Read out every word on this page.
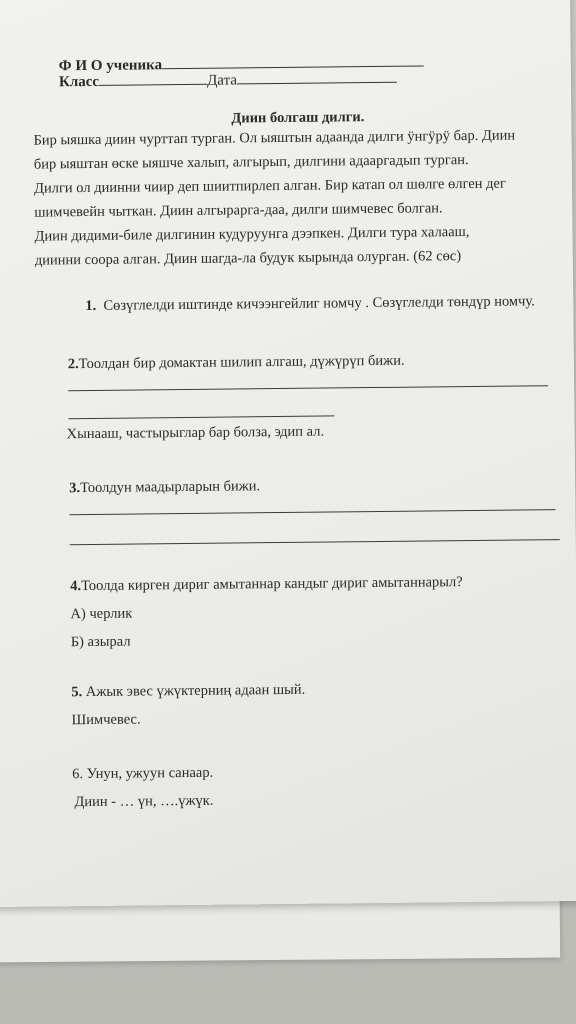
Ф И О ученика
Класс	Дата
Диин болгаш дилги.
Бир ыяшка диин чурттап турган. Ол ыяштын адаанда дилги ӱнгӱрӱ бар. Диин
бир ыяштан өске ыяшче халып, алгырып, дилгини адааргадып турган.
Дилги ол диинни чиир деп шиитпирлеп алган. Бир катап ол шөлге өлген дег
шимчевейн чыткан. Диин алгырарга-даа, дилги шимчевес болган.
Диин дидими-биле дилгинин кудуруунга дээпкен. Дилги тура халааш,
диинни соора алган. Диин шагда-ла будук кырында олурган. (62 сөс)
1. Сөзүглелди иштинде кичээнгейлиг номчу . Сөзүглелди төндүр номчу.
2.Тоолдан бир домактан шилип алгаш, дүжүрүп бижи.
Хынааш, частырыглар бар болза, эдип ал.
3.Тоолдун маадырларын бижи.
4.Тоолда кирген дириг амытаннар кандыг дириг амытаннарыл?
А) черлик
Б) азырал
5. Ажык эвес үжүктерниң адаан шый.
Шимчевес.
6. Унун, ужуун санаар.
Диин - … үн, ….үжүк.
